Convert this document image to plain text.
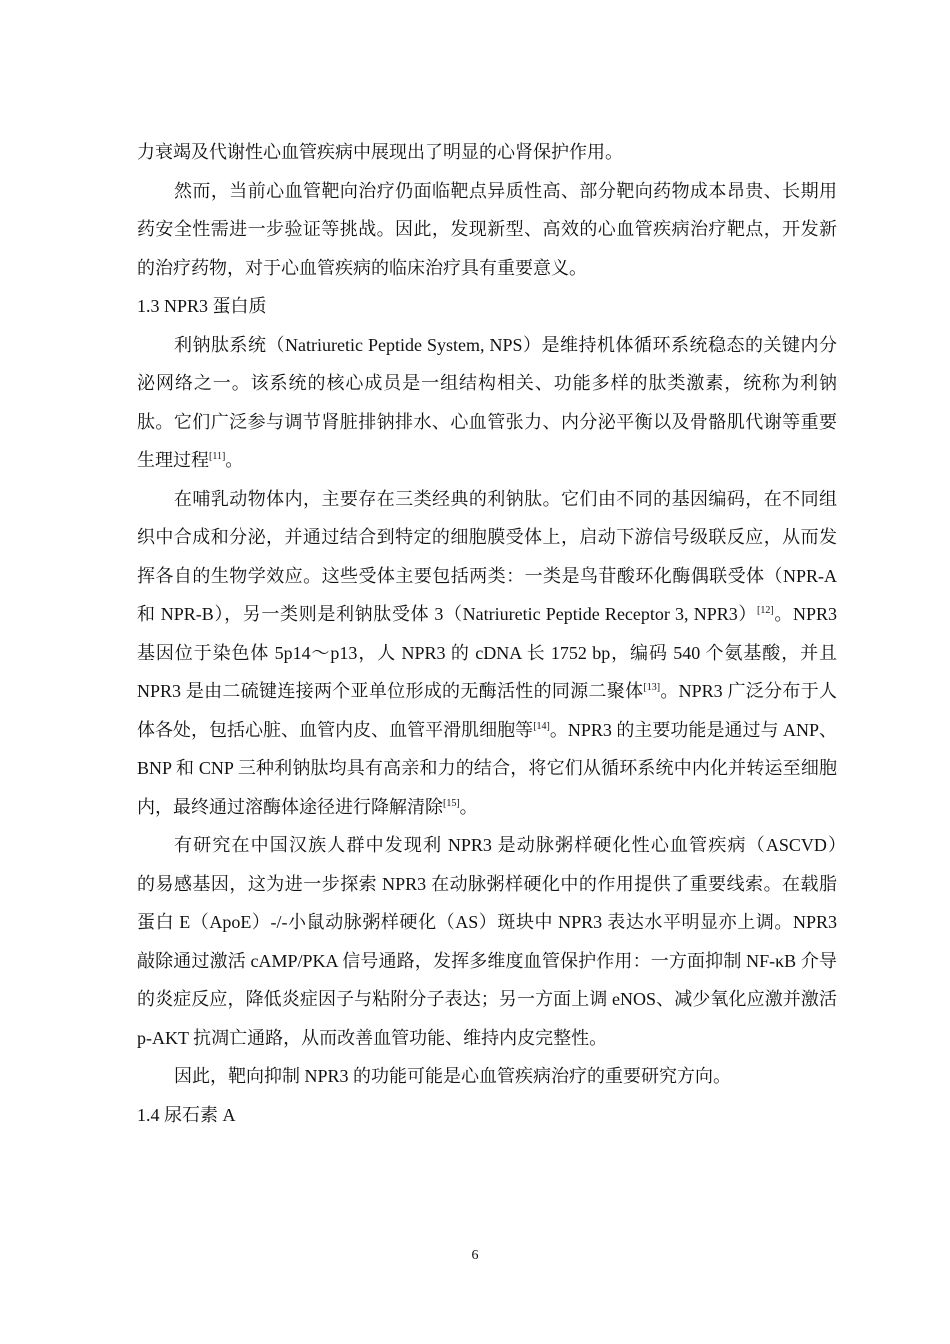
力衰竭及代谢性心血管疾病中展现出了明显的心肾保护作用。

然而，当前心血管靶向治疗仍面临靶点异质性高、部分靶向药物成本昂贵、长期用药安全性需进一步验证等挑战。因此，发现新型、高效的心血管疾病治疗靶点，开发新的治疗药物，对于心血管疾病的临床治疗具有重要意义。

1.3 NPR3 蛋白质

利钠肽系统（Natriuretic Peptide System, NPS）是维持机体循环系统稳态的关键内分泌网络之一。该系统的核心成员是一组结构相关、功能多样的肽类激素，统称为利钠肽。它们广泛参与调节肾脏排钠排水、心血管张力、内分泌平衡以及骨骼肌代谢等重要生理过程[11]。

在哺乳动物体内，主要存在三类经典的利钠肽。它们由不同的基因编码，在不同组织中合成和分泌，并通过结合到特定的细胞膜受体上，启动下游信号级联反应，从而发挥各自的生物学效应。这些受体主要包括两类：一类是鸟苷酸环化酶偶联受体（NPR-A 和 NPR-B），另一类则是利钠肽受体 3（Natriuretic Peptide Receptor 3, NPR3）[12]。NPR3 基因位于染色体 5p14～p13，人 NPR3 的 cDNA 长 1752 bp，编码 540 个氨基酸，并且 NPR3 是由二硫键连接两个亚单位形成的无酶活性的同源二聚体[13]。NPR3 广泛分布于人体各处，包括心脏、血管内皮、血管平滑肌细胞等[14]。NPR3 的主要功能是通过与 ANP、BNP 和 CNP 三种利钠肽均具有高亲和力的结合，将它们从循环系统中内化并转运至细胞内，最终通过溶酶体途径进行降解清除[15]。

有研究在中国汉族人群中发现利 NPR3 是动脉粥样硬化性心血管疾病（ASCVD）　的易感基因，这为进一步探索 NPR3 在动脉粥样硬化中的作用提供了重要线索。在载脂蛋白 E（ApoE）-/-小鼠动脉粥样硬化（AS）斑块中 NPR3 表达水平明显亦上调。NPR3 敲除通过激活 cAMP/PKA 信号通路，发挥多维度血管保护作用：一方面抑制 NF-κB 介导的炎症反应，降低炎症因子与粘附分子表达；另一方面上调 eNOS、减少氧化应激并激活 p-AKT 抗凋亡通路，从而改善血管功能、维持内皮完整性。

因此，靶向抑制 NPR3 的功能可能是心血管疾病治疗的重要研究方向。

1.4 尿石素 A

6
